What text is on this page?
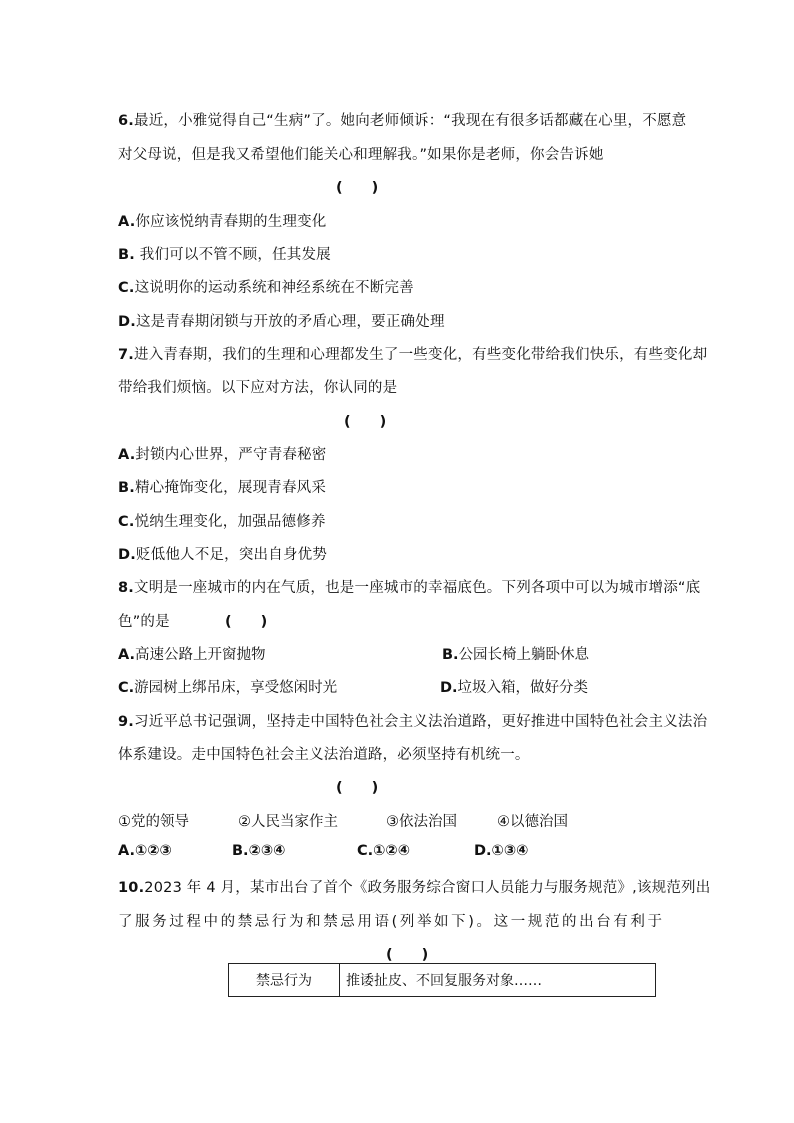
6.最近，小雅觉得自己“生病”了。她向老师倾诉：“我现在有很多话都藏在心里，不愿意
对父母说，但是我又希望他们能关心和理解我。”如果你是老师，你会告诉她
(　　)
A.你应该悦纳青春期的生理变化
B. 我们可以不管不顾，任其发展
C.这说明你的运动系统和神经系统在不断完善
D.这是青春期闭锁与开放的矛盾心理，要正确处理
7.进入青春期，我们的生理和心理都发生了一些变化，有些变化带给我们快乐，有些变化却
带给我们烦恼。以下应对方法，你认同的是
(　　)
A.封锁内心世界，严守青春秘密
B.精心掩饰变化，展现青春风采
C.悦纳生理变化，加强品德修养
D.贬低他人不足，突出自身优势
8.文明是一座城市的内在气质，也是一座城市的幸福底色。下列各项中可以为城市增添“底
色”的是	(　　)
A.高速公路上开窗抛物	B.公园长椅上躺卧休息
C.游园树上绑吊床，享受悠闲时光	D.垃圾入箱，做好分类
9.习近平总书记强调，坚持走中国特色社会主义法治道路，更好推进中国特色社会主义法治
体系建设。走中国特色社会主义法治道路，必须坚持有机统一。
(　　)
①党的领导	②人民当家作主	③依法治国	④以德治国
A.①②③	B.②③④	C.①②④	D.①③④
10.2023 年 4 月，某市出台了首个《政务服务综合窗口人员能力与服务规范》,该规范列出
了服务过程中的禁忌行为和禁忌用语(列举如下)。这一规范的出台有利于
(　　)
禁忌行为	推诿扯皮、不回复服务对象……
